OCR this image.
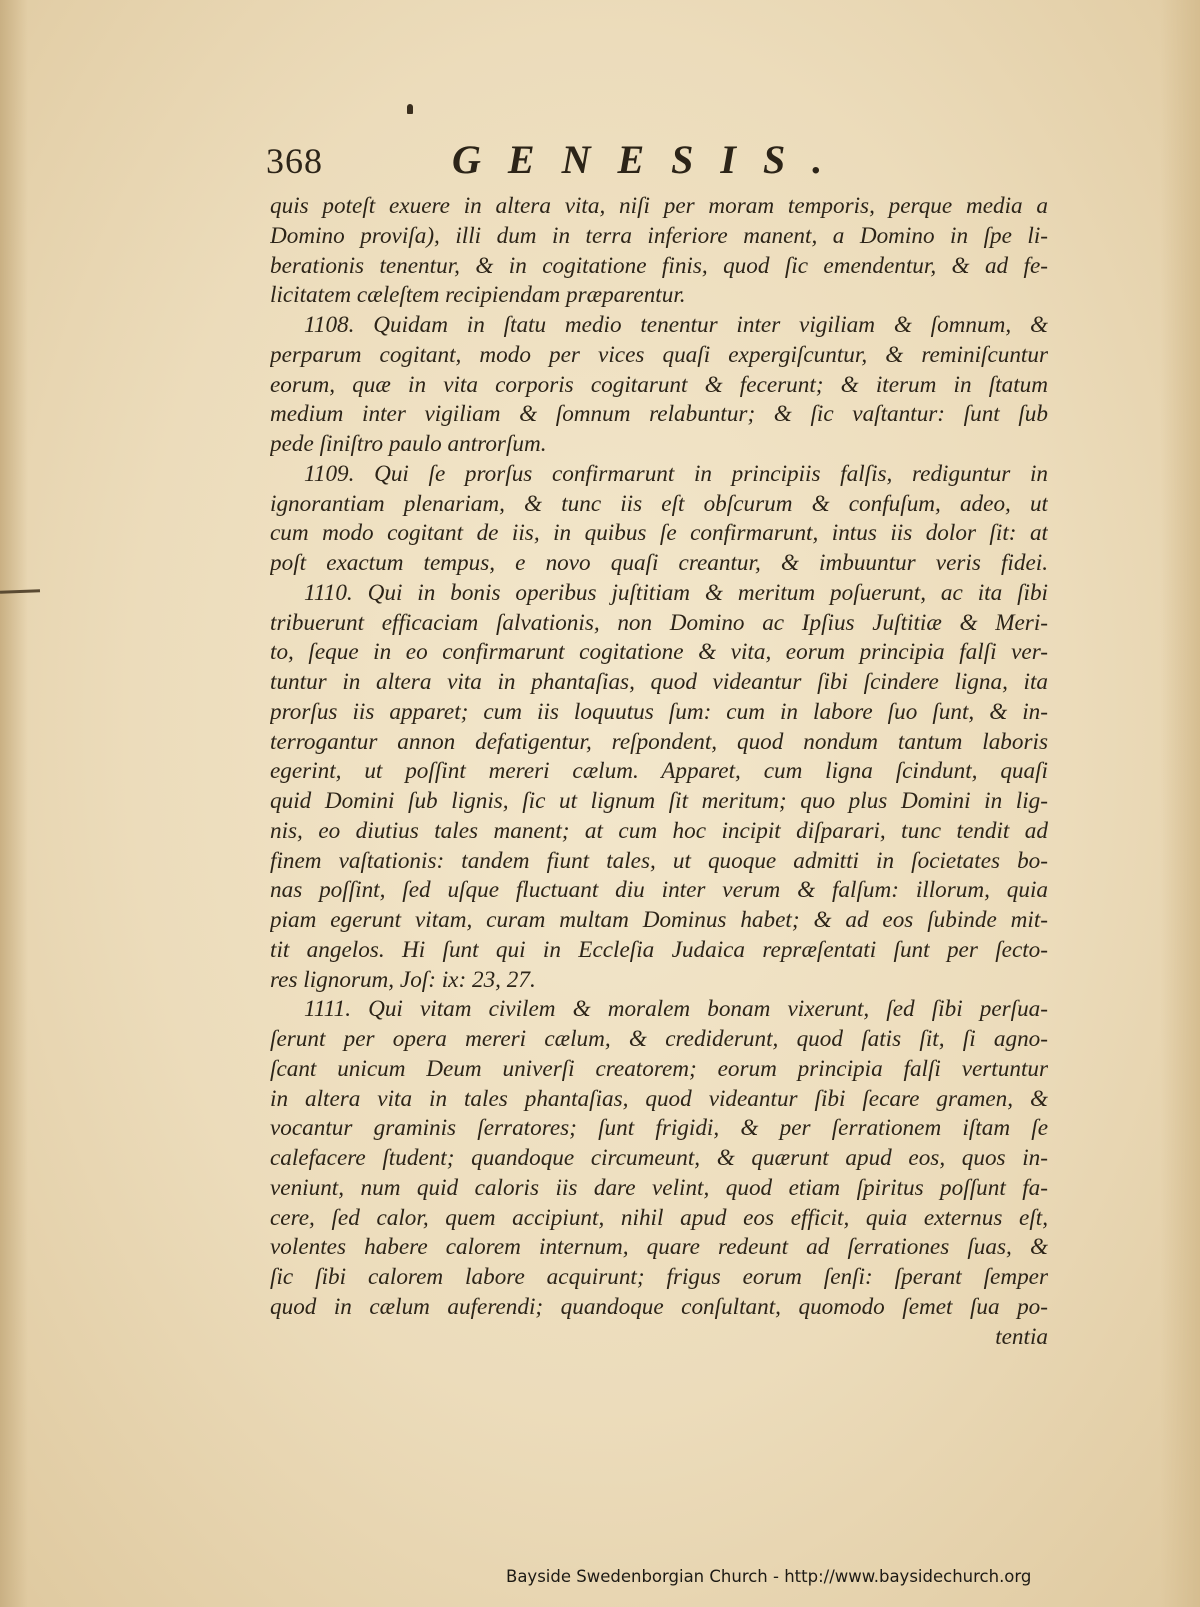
368	GENESIS.
quis poteſt exuere in altera vita, niſi per moram temporis, perque media a
Domino proviſa), illi dum in terra inferiore manent, a Domino in ſpe li-
berationis tenentur, & in cogitatione finis, quod ſic emendentur, & ad fe-
licitatem cæleſtem recipiendam præparentur.
1108. Quidam in ſtatu medio tenentur inter vigiliam & ſomnum, &
perparum cogitant, modo per vices quaſi expergiſcuntur, & reminiſcuntur
eorum, quæ in vita corporis cogitarunt & fecerunt; & iterum in ſtatum
medium inter vigiliam & ſomnum relabuntur; & ſic vaſtantur: ſunt ſub
pede ſiniſtro paulo antrorſum.
1109. Qui ſe prorſus confirmarunt in principiis falſis, rediguntur in
ignorantiam plenariam, & tunc iis eſt obſcurum & confuſum, adeo, ut
cum modo cogitant de iis, in quibus ſe confirmarunt, intus iis dolor ſit: at
poſt exactum tempus, e novo quaſi creantur, & imbuuntur veris fidei.
1110. Qui in bonis operibus juſtitiam & meritum poſuerunt, ac ita ſibi
tribuerunt efficaciam ſalvationis, non Domino ac Ipſius Juſtitiæ & Meri-
to, ſeque in eo confirmarunt cogitatione & vita, eorum principia falſi ver-
tuntur in altera vita in phantaſias, quod videantur ſibi ſcindere ligna, ita
prorſus iis apparet; cum iis loquutus ſum: cum in labore ſuo ſunt, & in-
terrogantur annon defatigentur, reſpondent, quod nondum tantum laboris
egerint, ut poſſint mereri cælum. Apparet, cum ligna ſcindunt, quaſi
quid Domini ſub lignis, ſic ut lignum ſit meritum; quo plus Domini in lig-
nis, eo diutius tales manent; at cum hoc incipit diſparari, tunc tendit ad
finem vaſtationis: tandem fiunt tales, ut quoque admitti in ſocietates bo-
nas poſſint, ſed uſque fluctuant diu inter verum & falſum: illorum, quia
piam egerunt vitam, curam multam Dominus habet; & ad eos ſubinde mit-
tit angelos. Hi ſunt qui in Eccleſia Judaica repræſentati ſunt per ſecto-
res lignorum, Joſ: ix: 23, 27.
1111. Qui vitam civilem & moralem bonam vixerunt, ſed ſibi perſua-
ſerunt per opera mereri cælum, & crediderunt, quod ſatis ſit, ſi agno-
ſcant unicum Deum univerſi creatorem; eorum principia falſi vertuntur
in altera vita in tales phantaſias, quod videantur ſibi ſecare gramen, &
vocantur graminis ſerratores; ſunt frigidi, & per ſerrationem iſtam ſe
calefacere ſtudent; quandoque circumeunt, & quærunt apud eos, quos in-
veniunt, num quid caloris iis dare velint, quod etiam ſpiritus poſſunt fa-
cere, ſed calor, quem accipiunt, nihil apud eos efficit, quia externus eſt,
volentes habere calorem internum, quare redeunt ad ſerrationes ſuas, &
ſic ſibi calorem labore acquirunt; frigus eorum ſenſi: ſperant ſemper
quod in cælum auferendi; quandoque conſultant, quomodo ſemet ſua po-
tentia
Bayside Swedenborgian Church - http://www.baysidechurch.org
